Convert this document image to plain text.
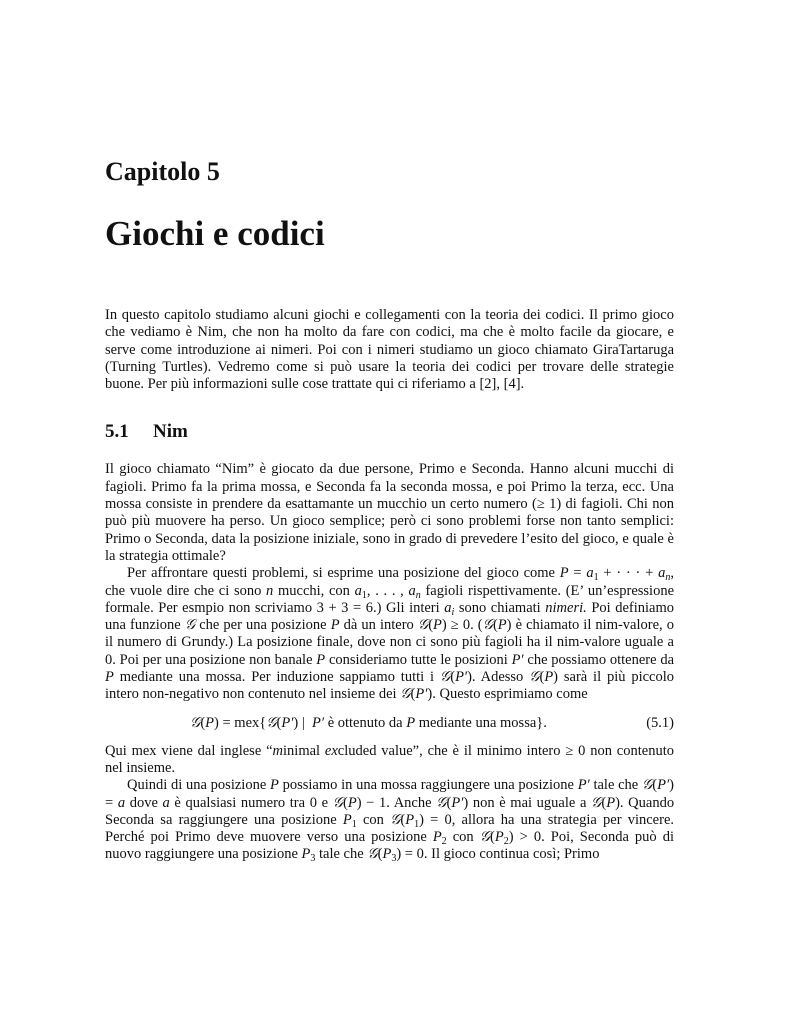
Capitolo 5
Giochi e codici

In questo capitolo studiamo alcuni giochi e collegamenti con la teoria dei codici. Il primo gioco che vediamo è Nim, che non ha molto da fare con codici, ma che è molto facile da giocare, e serve come introduzione ai nimeri. Poi con i nimeri studiamo un gioco chiamato GiraTartaruga (Turning Turtles). Vedremo come si può usare la teoria dei codici per trovare delle strategie buone. Per più informazioni sulle cose trattate qui ci riferiamo a [2], [4].

5.1 Nim

Il gioco chiamato “Nim” è giocato da due persone, Primo e Seconda. Hanno alcuni mucchi di fagioli. Primo fa la prima mossa, e Seconda fa la seconda mossa, e poi Primo la terza, ecc. Una mossa consiste in prendere da esattamante un mucchio un certo numero (≥ 1) di fagioli. Chi non può più muovere ha perso. Un gioco semplice; però ci sono problemi forse non tanto semplici: Primo o Seconda, data la posizione iniziale, sono in grado di prevedere l’esito del gioco, e quale è la strategia ottimale?

Per affrontare questi problemi, si esprime una posizione del gioco come $P = a_1$ + · · · + $a_n$, che vuole dire che ci sono n mucchi, con $a_1$, . . . , $a_n$ fagioli rispettivamente. (E’ un’espressione formale. Per esmpio non scriviamo 3 + 3 = 6.) Gli interi $a_i$ sono chiamati nimeri. Poi definiamo una funzione 𝒢 che per una posizione P dà un intero 𝒢(P) ≥ 0. (𝒢(P) è chiamato il nim-valore, o il numero di Grundy.) La posizione finale, dove non ci sono più fagioli ha il nim-valore uguale a 0. Poi per una posizione non banale P consideriamo tutte le posizioni P′ che possiamo ottenere da P mediante una mossa. Per induzione sappiamo tutti i 𝒢(P′). Adesso 𝒢(P) sarà il più piccolo intero non-negativo non contenuto nel insieme dei 𝒢(P′). Questo esprimiamo come

𝒢(P) = mex{𝒢(P′) |  P′ è ottenuto da P mediante una mossa}.	(5.1)

Qui mex viene dal inglese “minimal excluded value”, che è il minimo intero ≥ 0 non contenuto nel insieme.

Quindi di una posizione P possiamo in una mossa raggiungere una posizione P′ tale che 𝒢(P′) = a dove a è qualsiasi numero tra 0 e 𝒢(P) − 1. Anche 𝒢(P′) non è mai uguale a 𝒢(P). Quando Seconda sa raggiungere una posizione $P_1$ con $𝒢(P_1) = 0$, allora ha una strategia per vincere. Perché poi Primo deve muovere verso una posizione $P_2$ con $𝒢(P_2) > 0$. Poi, Seconda può di nuovo raggiungere una posizione $P_3$ tale che $𝒢(P_3) = 0$. Il gioco continua così; Primo
